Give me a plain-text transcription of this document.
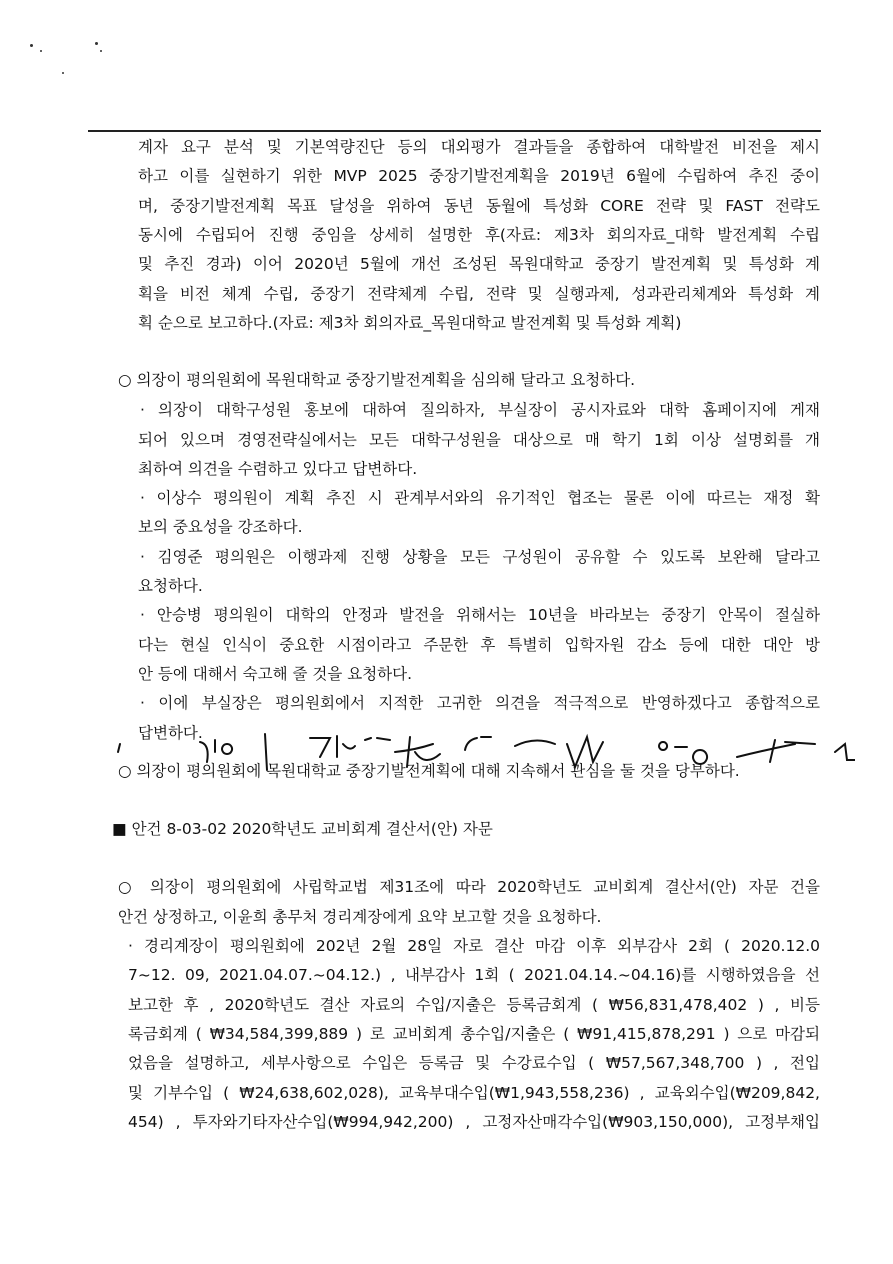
계자 요구 분석 및 기본역량진단 등의 대외평가 결과들을 종합하여 대학발전 비전을 제시
하고 이를 실현하기 위한 MVP 2025 중장기발전계획을 2019년 6월에 수립하여 추진 중이
며, 중장기발전계획 목표 달성을 위하여 동년 동월에 특성화 CORE 전략 및 FAST 전략도
동시에 수립되어 진행 중임을 상세히 설명한 후(자료: 제3차 회의자료_대학 발전계획 수립
및 추진 경과) 이어 2020년 5월에 개선 조성된 목원대학교 중장기 발전계획 및 특성화 계
획을 비전 체계 수립, 중장기 전략체계 수립, 전략 및 실행과제, 성과관리체계와 특성화 계
획 순으로 보고하다.(자료: 제3차 회의자료_목원대학교 발전계획 및 특성화 계획)
○ 의장이 평의원회에 목원대학교 중장기발전계획을 심의해 달라고 요청하다.
· 의장이 대학구성원 홍보에 대하여 질의하자, 부실장이 공시자료와 대학 홈페이지에 게재
되어 있으며 경영전략실에서는 모든 대학구성원을 대상으로 매 학기 1회 이상 설명회를 개
최하여 의견을 수렴하고 있다고 답변하다.
· 이상수 평의원이 계획 추진 시 관계부서와의 유기적인 협조는 물론 이에 따르는 재정 확
보의 중요성을 강조하다.
· 김영준 평의원은 이행과제 진행 상황을 모든 구성원이 공유할 수 있도록 보완해 달라고
요청하다.
· 안승병 평의원이 대학의 안정과 발전을 위해서는 10년을 바라보는 중장기 안목이 절실하
다는 현실 인식이 중요한 시점이라고 주문한 후 특별히 입학자원 감소 등에 대한 대안 방
안 등에 대해서 숙고해 줄 것을 요청하다.
· 이에 부실장은 평의원회에서 지적한 고귀한 의견을 적극적으로 반영하겠다고 종합적으로
답변하다.
○ 의장이 평의원회에 목원대학교 중장기발전계획에 대해 지속해서 관심을 둘 것을 당부하다.
■ 안건 8-03-02 2020학년도 교비회계 결산서(안) 자문
○ 의장이 평의원회에 사립학교법 제31조에 따라 2020학년도 교비회계 결산서(안) 자문 건을
안건 상정하고, 이윤희 총무처 경리계장에게 요약 보고할 것을 요청하다.
· 경리계장이 평의원회에 202년 2월 28일 자로 결산 마감 이후 외부감사 2회 ( 2020.12.0
7~12. 09, 2021.04.07.~04.12.) , 내부감사 1회 ( 2021.04.14.~04.16)를 시행하였음을 선
보고한 후 , 2020학년도 결산 자료의 수입/지출은 등록금회계 ( ₩56,831,478,402 ) , 비등
록금회계 ( ₩34,584,399,889 ) 로 교비회계 총수입/지출은 ( ₩91,415,878,291 ) 으로 마감되
었음을 설명하고, 세부사항으로 수입은 등록금 및 수강료수입 ( ₩57,567,348,700 ) , 전입
및 기부수입 ( ₩24,638,602,028), 교육부대수입(₩1,943,558,236) , 교육외수입(₩209,842,
454) , 투자와기타자산수입(₩994,942,200) , 고정자산매각수입(₩903,150,000), 고정부채입
